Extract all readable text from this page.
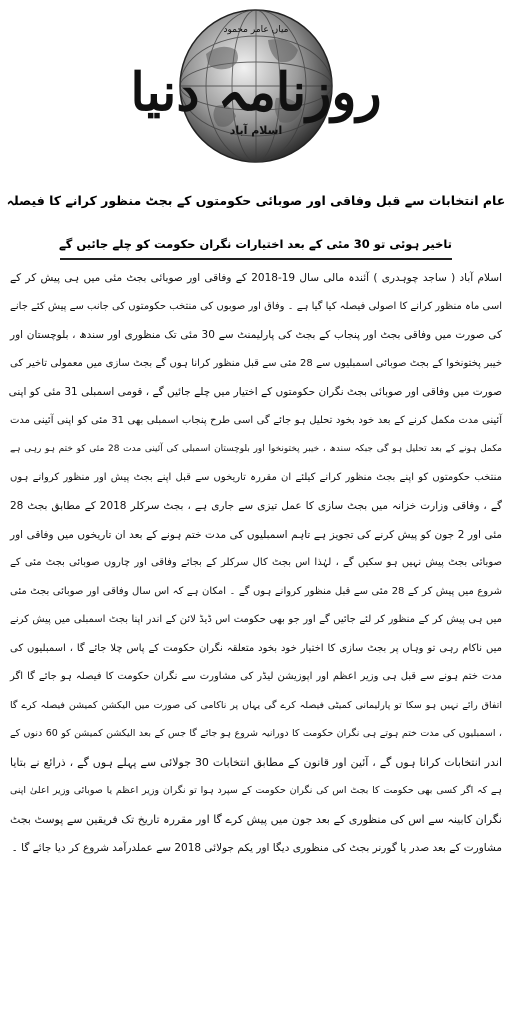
روزنامہ دنیا
اسلام آباد
میاں عامر محمود
عام انتخابات سے قبل وفاقی اور صوبائی حکومتوں کے بجٹ منظور کرانے کا فیصلہ
تاخیر ہوئی تو 30 مئی کے بعد اختیارات نگران حکومت کو چلے جائیں گے
اسلام آباد ( ساجد چوہدری ) آئندہ مالی سال 19-2018 کے وفاقی اور صوبائی بجٹ مئی میں ہی پیش کر کے
اسی ماہ منظور کرانے کا اصولی فیصلہ کیا گیا ہے ۔ وفاق اور صوبوں کی منتخب حکومتوں کی جانب سے پیش کئے جانے
کی صورت میں وفاقی بجٹ اور پنجاب کے بجٹ کی پارلیمنٹ سے 30 مئی تک منظوری اور سندھ ، بلوچستان اور
خیبر پختونخوا کے بجٹ صوبائی اسمبلیوں سے 28 مئی سے قبل منظور کرانا ہوں گے بجٹ سازی میں معمولی تاخیر کی
صورت میں وفاقی اور صوبائی بجٹ نگران حکومتوں کے اختیار میں چلے جائیں گے ، قومی اسمبلی 31 مئی کو اپنی
آئینی مدت مکمل کرنے کے بعد خود بخود تحلیل ہو جائے گی اسی طرح پنجاب اسمبلی بھی 31 مئی کو اپنی آئینی مدت
مکمل ہونے کے بعد تحلیل ہو گی جبکہ سندھ ، خیبر پختونخوا اور بلوچستان اسمبلی کی آئینی مدت 28 مئی کو ختم ہو رہی ہے
منتخب حکومتوں کو اپنے بجٹ منظور کرانے کیلئے ان مقررہ تاریخوں سے قبل اپنے بجٹ پیش اور منظور کروانے ہوں
گے ، وفاقی وزارت خزانہ میں بجٹ سازی کا عمل تیزی سے جاری ہے ، بجٹ سرکلر 2018 کے مطابق بجٹ 28
مئی اور 2 جون کو پیش کرنے کی تجویز ہے تاہم اسمبلیوں کی مدت ختم ہونے کے بعد ان تاریخوں میں وفاقی اور
صوبائی بجٹ پیش نہیں ہو سکیں گے ، لہٰذا اس بجٹ کال سرکلر کے بجائے وفاقی اور چاروں صوبائی بجٹ مئی کے
شروع میں پیش کر کے 28 مئی سے قبل منظور کروانے ہوں گے ۔ امکان ہے کہ اس سال وفاقی اور صوبائی بجٹ مئی
میں ہی پیش کر کے منظور کر لئے جائیں گے اور جو بھی حکومت اس ڈیڈ لائن کے اندر اپنا بجٹ اسمبلی میں پیش کرنے
میں ناکام رہی تو وہاں پر بجٹ سازی کا اختیار خود بخود متعلقہ نگران حکومت کے پاس چلا جائے گا ، اسمبلیوں کی
مدت ختم ہونے سے قبل ہی وزیر اعظم اور اپوزیشن لیڈر کی مشاورت سے نگران حکومت کا فیصلہ ہو جائے گا اگر
اتفاق رائے نہیں ہو سکا تو پارلیمانی کمیٹی فیصلہ کرے گی یہاں پر ناکامی کی صورت میں الیکشن کمیشن فیصلہ کرے گا
، اسمبلیوں کی مدت ختم ہوتے ہی نگران حکومت کا دورانیہ شروع ہو جائے گا جس کے بعد الیکشن کمیشن کو 60 دنوں کے
اندر انتخابات کرانا ہوں گے ، آئین اور قانون کے مطابق انتخابات 30 جولائی سے پہلے ہوں گے ، ذرائع نے بتایا
ہے کہ اگر کسی بھی حکومت کا بجٹ اس کی نگران حکومت کے سپرد ہوا تو نگران وزیر اعظم یا صوبائی وزیر اعلیٰ اپنی
نگران کابینہ سے اس کی منظوری کے بعد جون میں پیش کرے گا اور مقررہ تاریخ تک فریقین سے پوسٹ بجٹ
مشاورت کے بعد صدر یا گورنر بجٹ کی منظوری دیگا اور یکم جولائی 2018 سے عملدرآمد شروع کر دیا جائے گا ۔
